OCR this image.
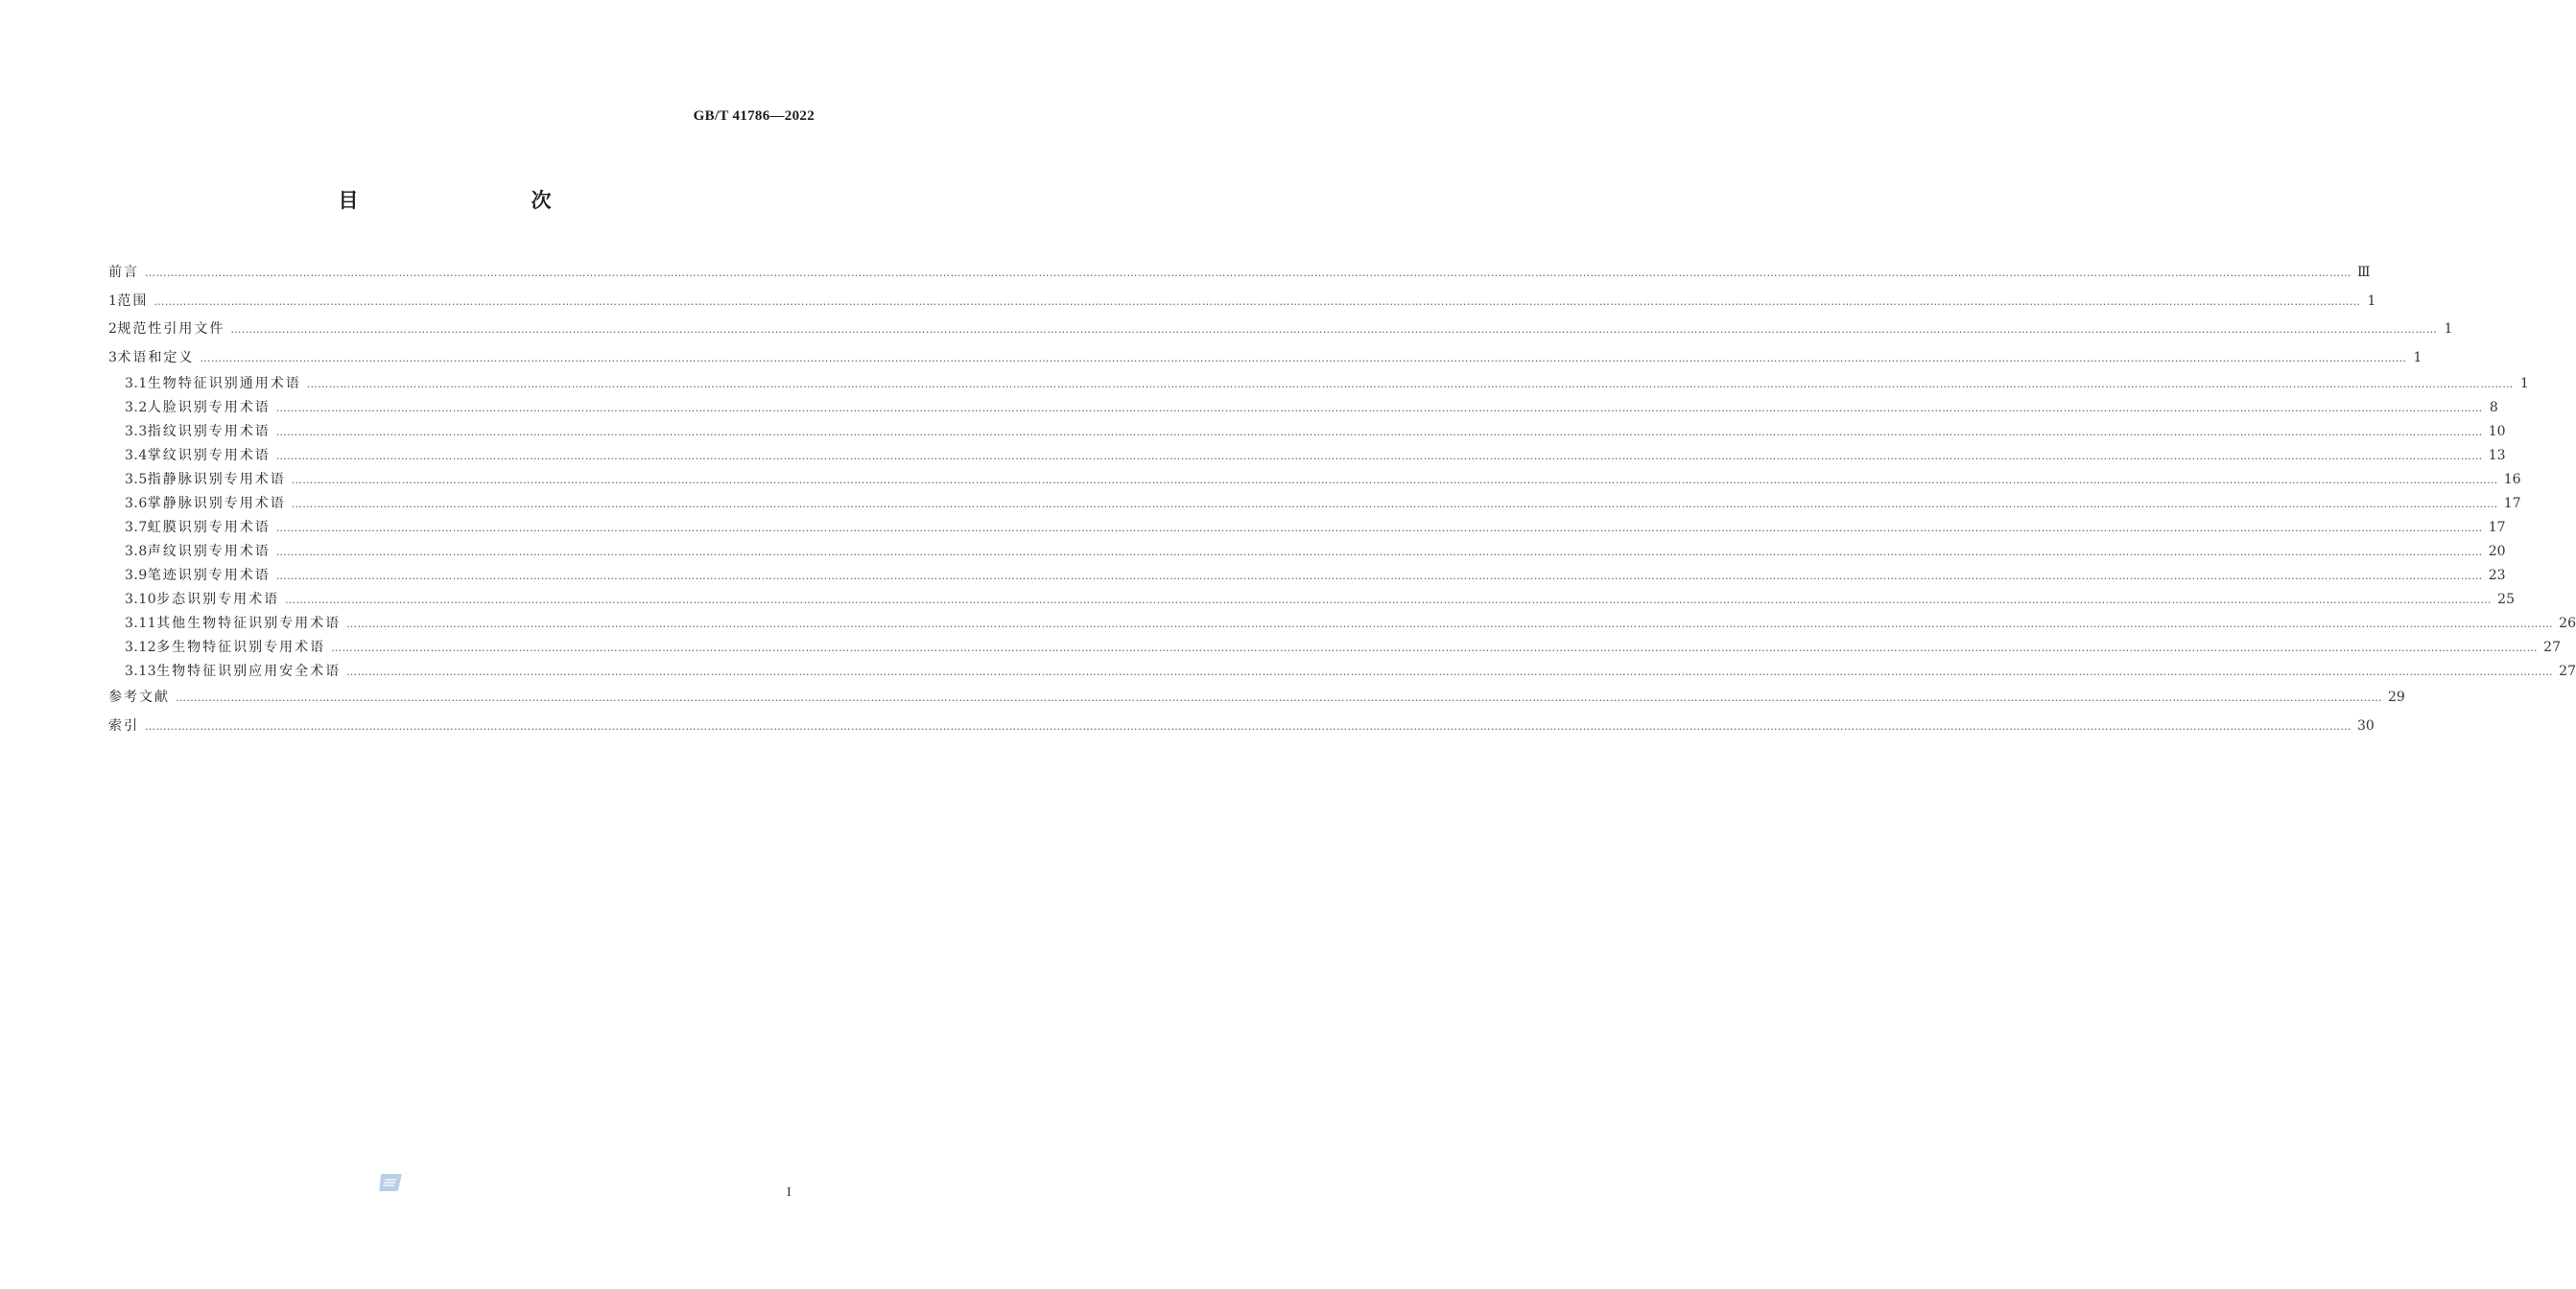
GB/T 41786—2022
目　　次
前言 …………………………………………………………………………………………………………………………………………………………………………………………………………………………………………………………………………………………………………………………………………………………………………………………………………………………………………………………………………………………………………………………………………………… Ⅲ
1 范围 …………………………………………………………………………………………………………………………………………………………………………………………………………………………………………………………………………………………………………………………………………………………………………………………………………………………………………………………………………………………………………………………………………………… 1
2 规范性引用文件 …………………………………………………………………………………………………………………………………………………………………………………………………………………………………………………………………………………………………………………………………………………………………………………………………………………………………………………………………………………………………………………………………………………… 1
3 术语和定义 …………………………………………………………………………………………………………………………………………………………………………………………………………………………………………………………………………………………………………………………………………………………………………………………………………………………………………………………………………………………………………………………………………………… 1
3.1 生物特征识别通用术语 …………………………………………………………………………………………………………………………………………………………………………………………………………………………………………………………………………………………………………………………………………………………………………………………………………………………………………………………………………………………………………………………………………………… 1
3.2 人脸识别专用术语 …………………………………………………………………………………………………………………………………………………………………………………………………………………………………………………………………………………………………………………………………………………………………………………………………………………………………………………………………………………………………………………………………………………… 8
3.3 指纹识别专用术语 …………………………………………………………………………………………………………………………………………………………………………………………………………………………………………………………………………………………………………………………………………………………………………………………………………………………………………………………………………………………………………………………………………………… 10
3.4 掌纹识别专用术语 …………………………………………………………………………………………………………………………………………………………………………………………………………………………………………………………………………………………………………………………………………………………………………………………………………………………………………………………………………………………………………………………………………………… 13
3.5 指静脉识别专用术语 …………………………………………………………………………………………………………………………………………………………………………………………………………………………………………………………………………………………………………………………………………………………………………………………………………………………………………………………………………………………………………………………………………………… 16
3.6 掌静脉识别专用术语 …………………………………………………………………………………………………………………………………………………………………………………………………………………………………………………………………………………………………………………………………………………………………………………………………………………………………………………………………………………………………………………………………………………… 17
3.7 虹膜识别专用术语 …………………………………………………………………………………………………………………………………………………………………………………………………………………………………………………………………………………………………………………………………………………………………………………………………………………………………………………………………………………………………………………………………………………… 17
3.8 声纹识别专用术语 …………………………………………………………………………………………………………………………………………………………………………………………………………………………………………………………………………………………………………………………………………………………………………………………………………………………………………………………………………………………………………………………………………………… 20
3.9 笔迹识别专用术语 …………………………………………………………………………………………………………………………………………………………………………………………………………………………………………………………………………………………………………………………………………………………………………………………………………………………………………………………………………………………………………………………………………………… 23
3.10 步态识别专用术语 …………………………………………………………………………………………………………………………………………………………………………………………………………………………………………………………………………………………………………………………………………………………………………………………………………………………………………………………………………………………………………………………………………………… 25
3.11 其他生物特征识别专用术语 …………………………………………………………………………………………………………………………………………………………………………………………………………………………………………………………………………………………………………………………………………………………………………………………………………………………………………………………………………………………………………………………………………………… 26
3.12 多生物特征识别专用术语 …………………………………………………………………………………………………………………………………………………………………………………………………………………………………………………………………………………………………………………………………………………………………………………………………………………………………………………………………………………………………………………………………………………… 27
3.13 生物特征识别应用安全术语 …………………………………………………………………………………………………………………………………………………………………………………………………………………………………………………………………………………………………………………………………………………………………………………………………………………………………………………………………………………………………………………………………………………… 27
参考文献 …………………………………………………………………………………………………………………………………………………………………………………………………………………………………………………………………………………………………………………………………………………………………………………………………………………………………………………………………………………………………………………………………………………… 29
索引 …………………………………………………………………………………………………………………………………………………………………………………………………………………………………………………………………………………………………………………………………………………………………………………………………………………………………………………………………………………………………………………………………………………… 30
I
